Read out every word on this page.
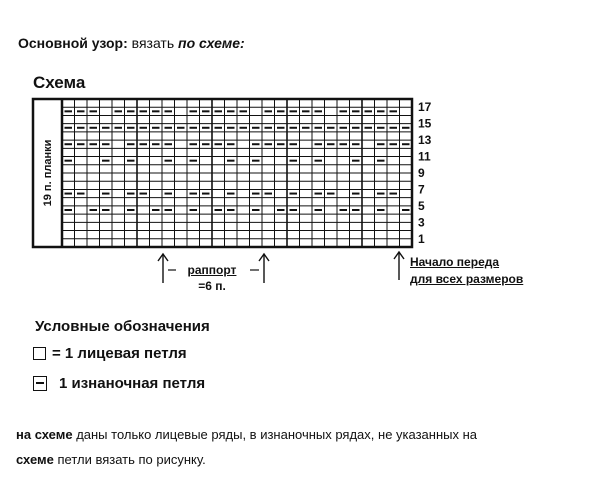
Основной узор: вязать по схеме:
Схема
19 п. планки
17
15
13
11
9
7
5
3
1
раппорт
=6 п.
Начало переда
для всех размеров
Условные обозначения
= 1 лицевая петля
1 изнаночная петля
на схеме даны только лицевые ряды, в изнаночных рядах, не указанных на
схеме петли вязать по рисунку.
